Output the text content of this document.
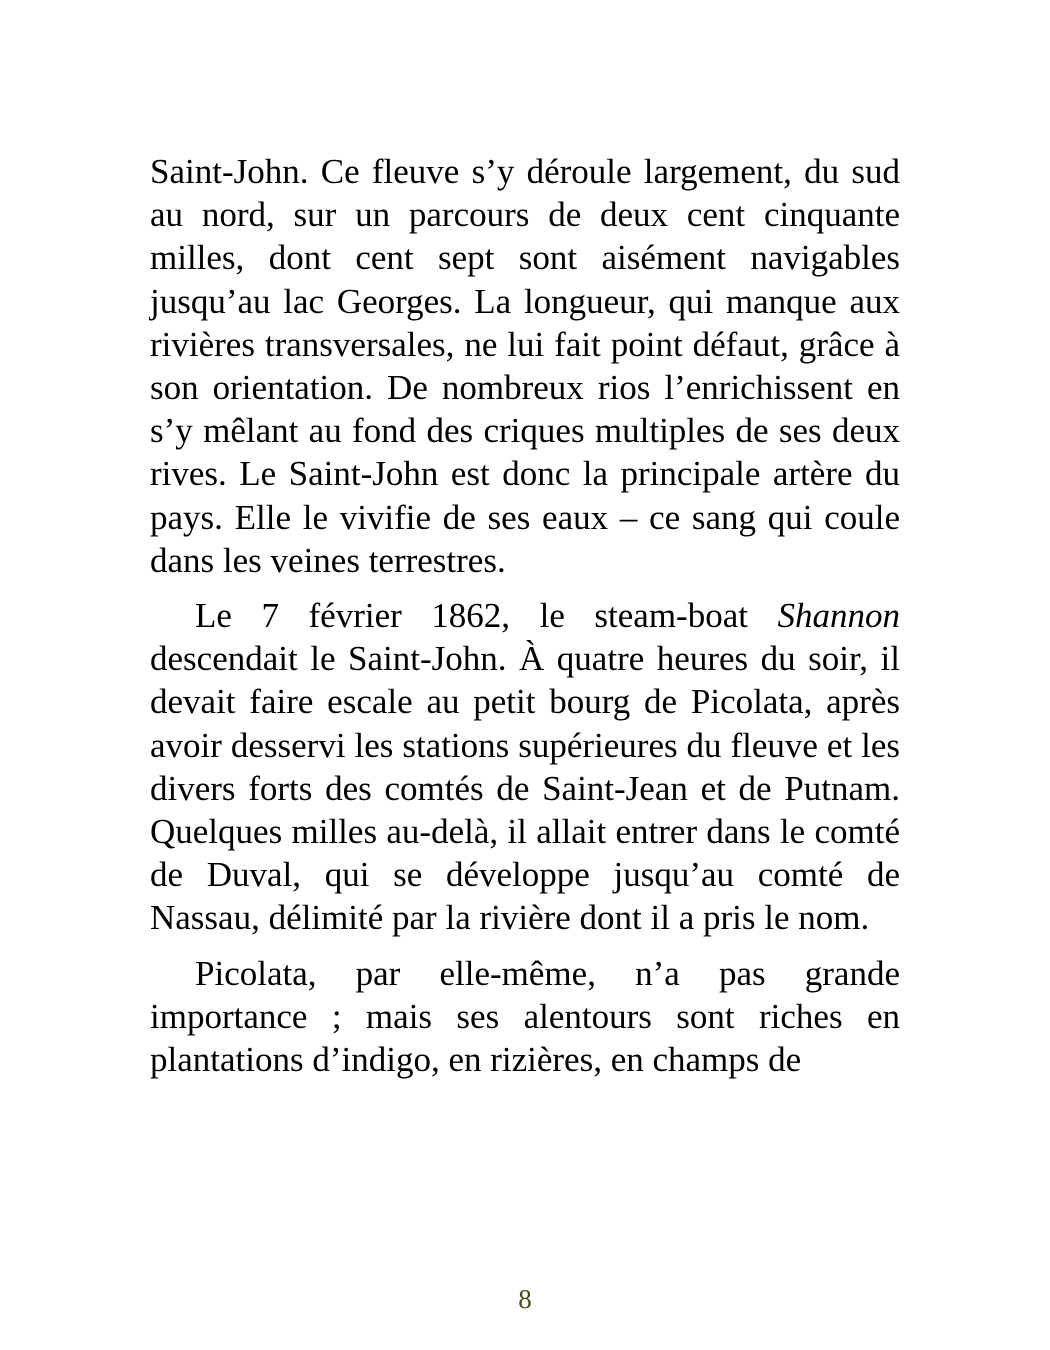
Saint-John. Ce fleuve s’y déroule largement, du sud au nord, sur un parcours de deux cent cinquante milles, dont cent sept sont aisément navigables jusqu’au lac Georges. La longueur, qui manque aux rivières transversales, ne lui fait point défaut, grâce à son orientation. De nombreux rios l’enrichissent en s’y mêlant au fond des criques multiples de ses deux rives. Le Saint-John est donc la principale artère du pays. Elle le vivifie de ses eaux – ce sang qui coule dans les veines terrestres.

Le 7 février 1862, le steam-boat Shannon descendait le Saint-John. À quatre heures du soir, il devait faire escale au petit bourg de Picolata, après avoir desservi les stations supérieures du fleuve et les divers forts des comtés de Saint-Jean et de Putnam. Quelques milles au-delà, il allait entrer dans le comté de Duval, qui se développe jusqu’au comté de Nassau, délimité par la rivière dont il a pris le nom.

Picolata, par elle-même, n’a pas grande importance ; mais ses alentours sont riches en plantations d’indigo, en rizières, en champs de

8
